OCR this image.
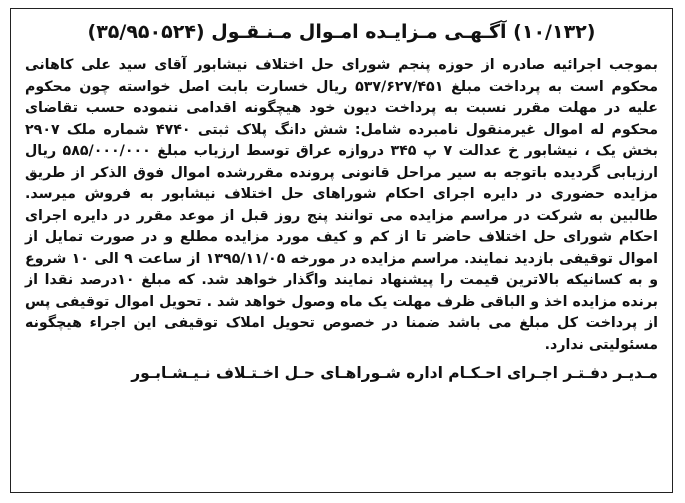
(۱۰/۱۳۲) آگـهـی مـزایـده امـوال مـنـقـول (۳۵/۹۵۰۵۲۴)

بموجب اجرائیه صادره از حوزه پنجم شورای حل اختلاف نیشابور آقای سید علی کاهانی محکوم است به پرداخت مبلغ ۵۳۷/۶۲۷/۴۵۱ ریال خسارت بابت اصل خواسته چون محکوم علیه در مهلت مقرر نسبت به پرداخت دیون خود هیچگونه اقدامی ننموده حسب تقاضای محکوم له اموال غیرمنقول نامبرده شامل: شش دانگ پلاک ثبتی ۴۷۴۰ شماره ملک ۲۹۰۷ بخش یک ، نیشابور خ عدالت ۷ پ ۳۴۵ دروازه عراق توسط ارزیاب مبلغ ۵۸۵/۰۰۰/۰۰۰ ریال ارزیابی گردیده باتوجه به سیر مراحل قانونی پرونده مقررشده اموال فوق الذکر از طریق مزایده حضوری در دایره اجرای احکام شوراهای حل اختلاف نیشابور به فروش میرسد. طالبین به شرکت در مراسم مزایده می توانند پنج روز قبل از موعد مقرر در دایره اجرای احکام شورای حل اختلاف حاضر تا از کم و کیف مورد مزایده مطلع و در صورت تمایل از اموال توقیفی بازدید نمایند. مراسم مزایده در مورخه ۱۳۹۵/۱۱/۰۵ از ساعت ۹ الی ۱۰ شروع و به کسانیکه بالاترین قیمت را پیشنهاد نمایند واگذار خواهد شد. که مبلغ ۱۰درصد نقدا از برنده مزایده اخذ و الباقی ظرف مهلت یک ماه وصول خواهد شد . تحویل اموال توقیفی پس از پرداخت کل مبلغ می باشد ضمنا در خصوص تحویل املاک توقیفی این اجراء هیچگونه مسئولیتی ندارد.

مـدیـر دفـتـر اجـرای احـکـام اداره شـوراهـای حـل اخـتـلاف نـیـشـابـور
